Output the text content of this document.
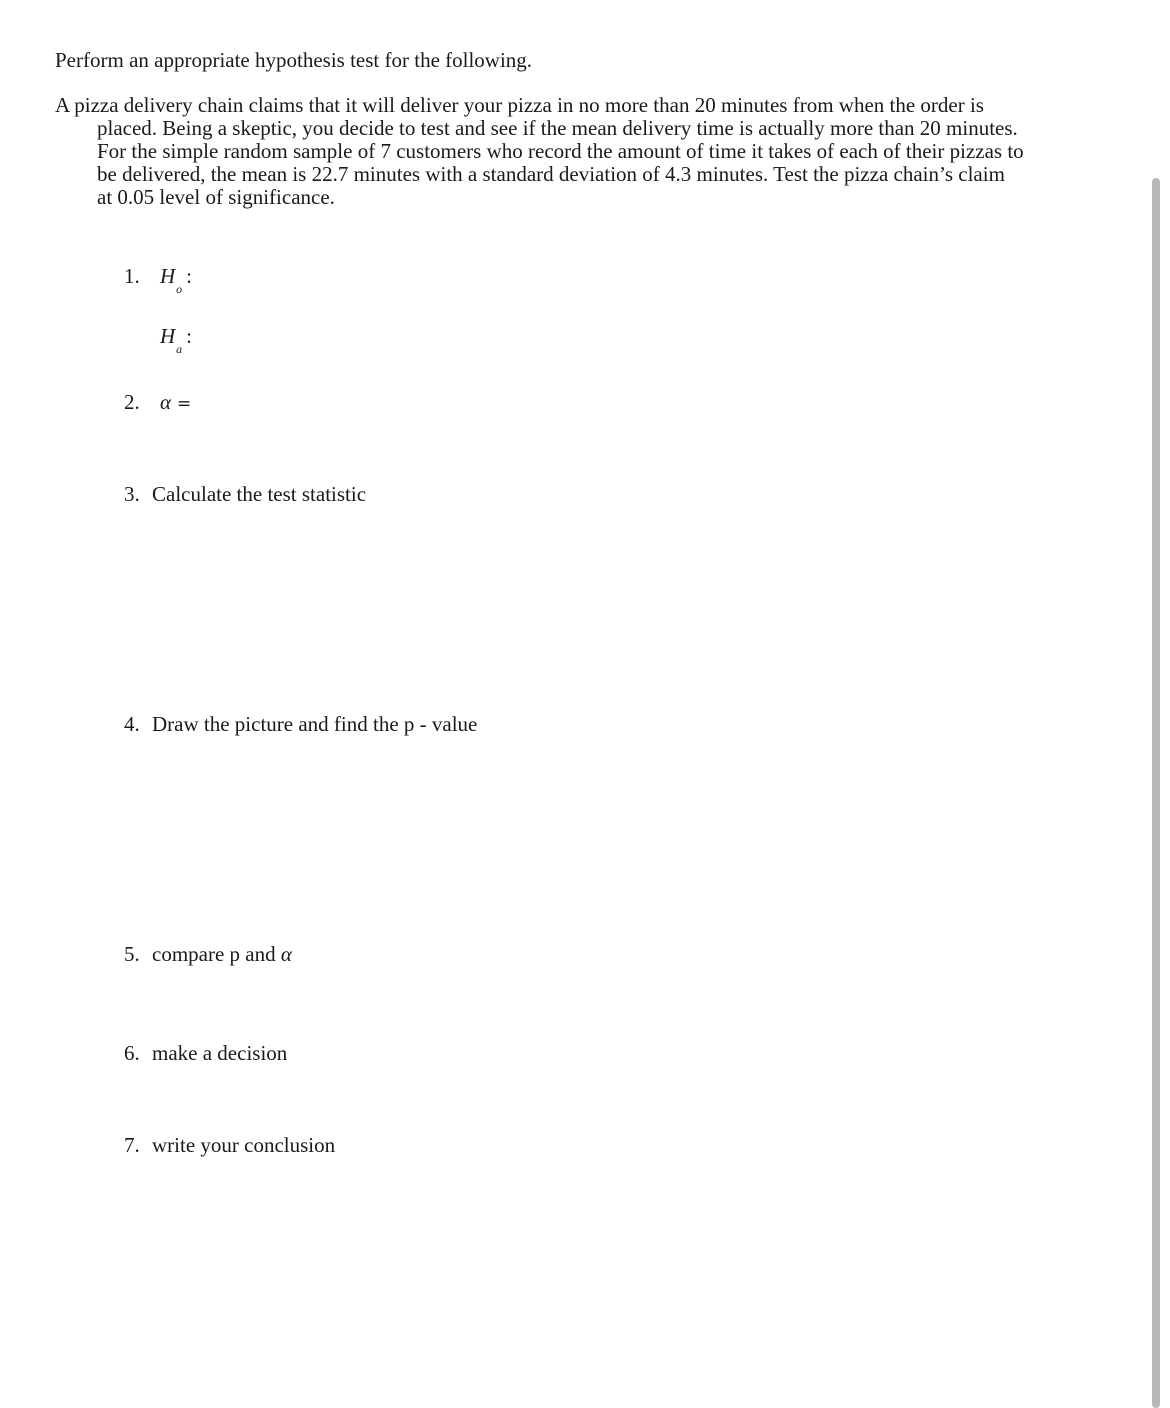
Perform an appropriate hypothesis test for the following.

A pizza delivery chain claims that it will deliver your pizza in no more than 20 minutes from when the order is
placed. Being a skeptic, you decide to test and see if the mean delivery time is actually more than 20 minutes.
For the simple random sample of 7 customers who record the amount of time it takes of each of their pizzas to
be delivered, the mean is 22.7 minutes with a standard deviation of 4.3 minutes. Test the pizza chain’s claim
at 0.05 level of significance.

1. $H_o$:
$H_a$:
2. α =
3. Calculate the test statistic
4. Draw the picture and find the p - value
5. compare p and α
6. make a decision
7. write your conclusion
